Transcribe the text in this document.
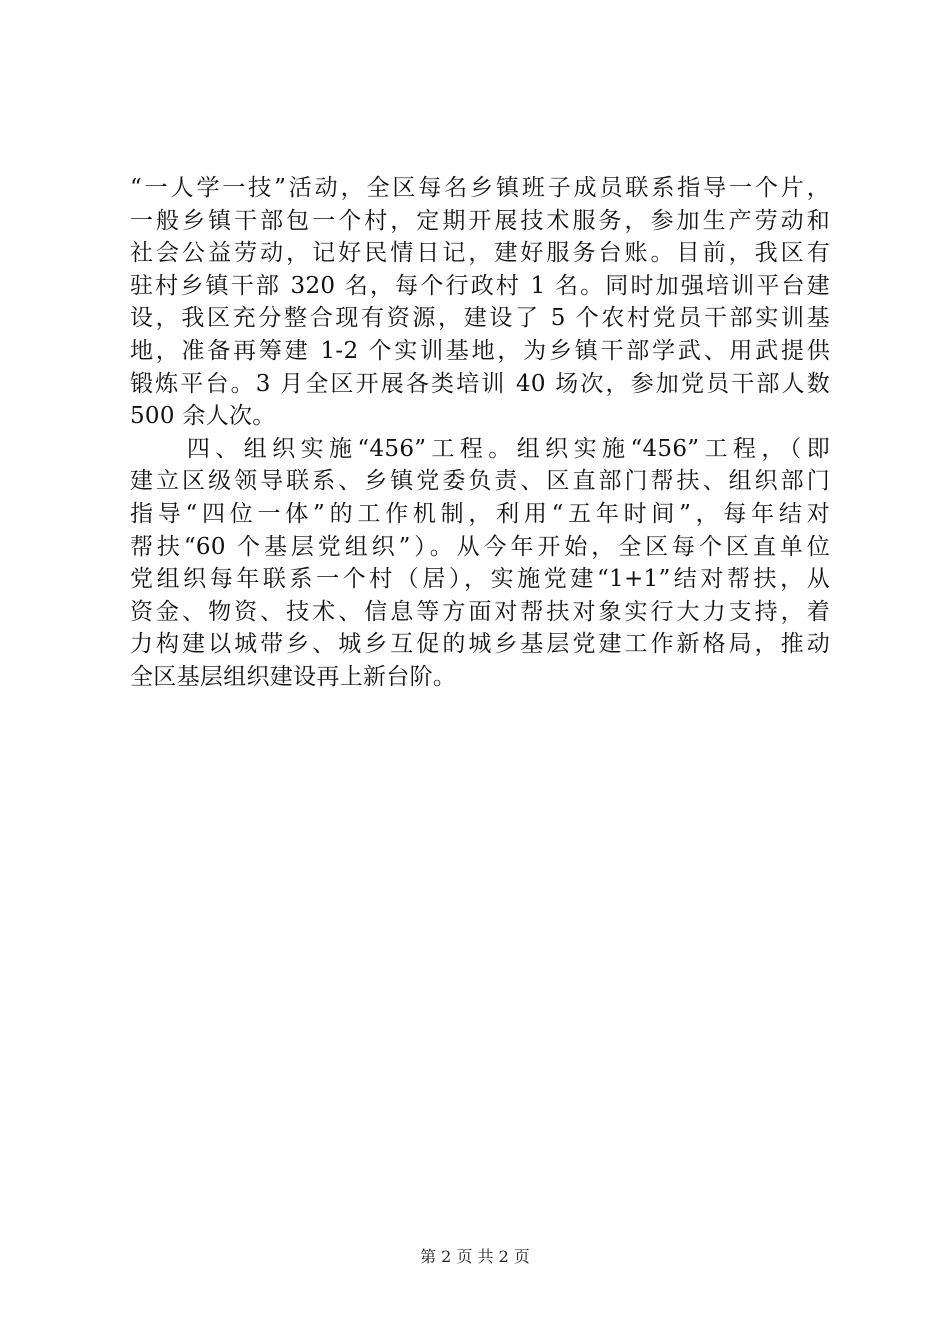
“一人学一技”活动，全区每名乡镇班子成员联系指导一个片，
一般乡镇干部包一个村，定期开展技术服务，参加生产劳动和
社会公益劳动，记好民情日记，建好服务台账。目前，我区有
驻村乡镇干部 320 名，每个行政村 1 名。同时加强培训平台建
设，我区充分整合现有资源，建设了 5 个农村党员干部实训基
地，准备再筹建 1-2 个实训基地，为乡镇干部学武、用武提供
锻炼平台。3 月全区开展各类培训 40 场次，参加党员干部人数
500 余人次。
　　四、组织实施“456”工程。组织实施“456”工程，（即
建立区级领导联系、乡镇党委负责、区直部门帮扶、组织部门
指导“四位一体”的工作机制，利用“五年时间”，每年结对
帮扶“60 个基层党组织”）。从今年开始，全区每个区直单位
党组织每年联系一个村（居），实施党建“1+1”结对帮扶，从
资金、物资、技术、信息等方面对帮扶对象实行大力支持，着
力构建以城带乡、城乡互促的城乡基层党建工作新格局，推动
全区基层组织建设再上新台阶。
第 2 页 共 2 页
